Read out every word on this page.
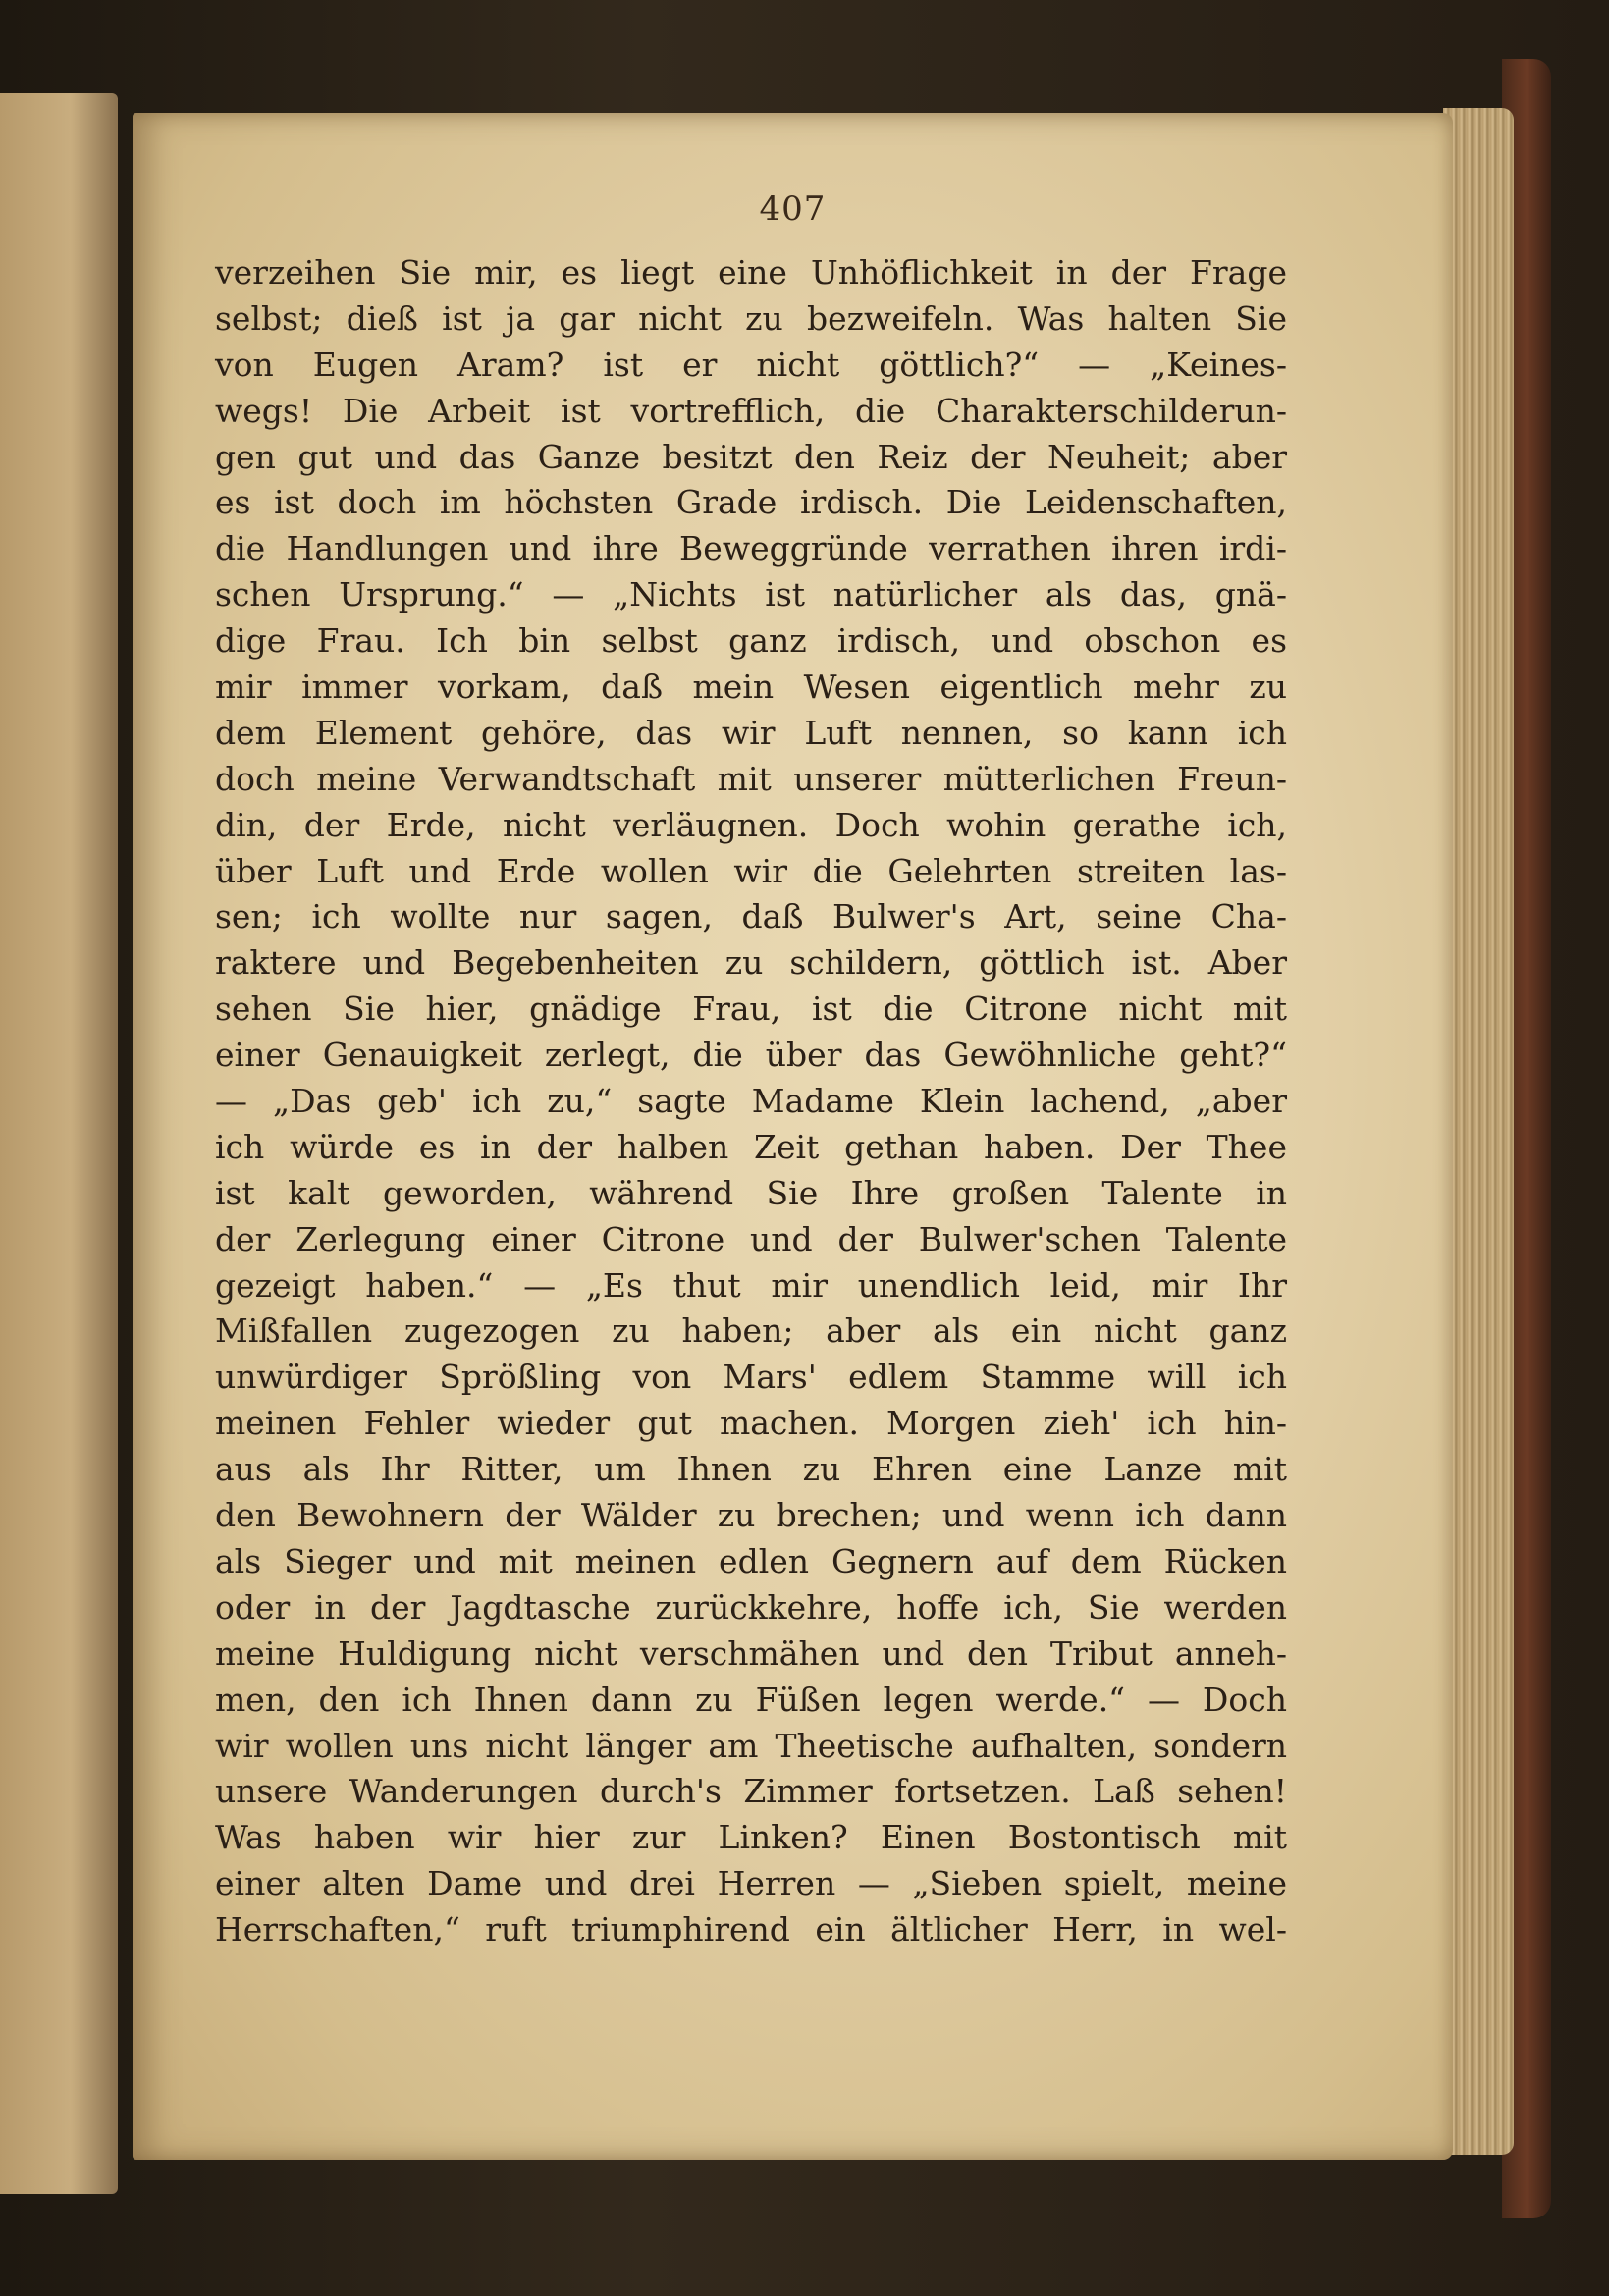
407
verzeihen Sie mir, es liegt eine Unhöflichkeit in der Frage
selbst; dieß ist ja gar nicht zu bezweifeln. Was halten Sie
von Eugen Aram? ist er nicht göttlich?“ — „Keines-
wegs! Die Arbeit ist vortrefflich, die Charakterschilderun-
gen gut und das Ganze besitzt den Reiz der Neuheit; aber
es ist doch im höchsten Grade irdisch. Die Leidenschaften,
die Handlungen und ihre Beweggründe verrathen ihren irdi-
schen Ursprung.“ — „Nichts ist natürlicher als das, gnä-
dige Frau. Ich bin selbst ganz irdisch, und obschon es
mir immer vorkam, daß mein Wesen eigentlich mehr zu
dem Element gehöre, das wir Luft nennen, so kann ich
doch meine Verwandtschaft mit unserer mütterlichen Freun-
din, der Erde, nicht verläugnen. Doch wohin gerathe ich,
über Luft und Erde wollen wir die Gelehrten streiten las-
sen; ich wollte nur sagen, daß Bulwer's Art, seine Cha-
raktere und Begebenheiten zu schildern, göttlich ist. Aber
sehen Sie hier, gnädige Frau, ist die Citrone nicht mit
einer Genauigkeit zerlegt, die über das Gewöhnliche geht?“
— „Das geb' ich zu,“ sagte Madame Klein lachend, „aber
ich würde es in der halben Zeit gethan haben. Der Thee
ist kalt geworden, während Sie Ihre großen Talente in
der Zerlegung einer Citrone und der Bulwer'schen Talente
gezeigt haben.“ — „Es thut mir unendlich leid, mir Ihr
Mißfallen zugezogen zu haben; aber als ein nicht ganz
unwürdiger Sprößling von Mars' edlem Stamme will ich
meinen Fehler wieder gut machen. Morgen zieh' ich hin-
aus als Ihr Ritter, um Ihnen zu Ehren eine Lanze mit
den Bewohnern der Wälder zu brechen; und wenn ich dann
als Sieger und mit meinen edlen Gegnern auf dem Rücken
oder in der Jagdtasche zurückkehre, hoffe ich, Sie werden
meine Huldigung nicht verschmähen und den Tribut anneh-
men, den ich Ihnen dann zu Füßen legen werde.“ — Doch
wir wollen uns nicht länger am Theetische aufhalten, sondern
unsere Wanderungen durch's Zimmer fortsetzen. Laß sehen!
Was haben wir hier zur Linken? Einen Bostontisch mit
einer alten Dame und drei Herren — „Sieben spielt, meine
Herrschaften,“ ruft triumphirend ein ältlicher Herr, in wel-
